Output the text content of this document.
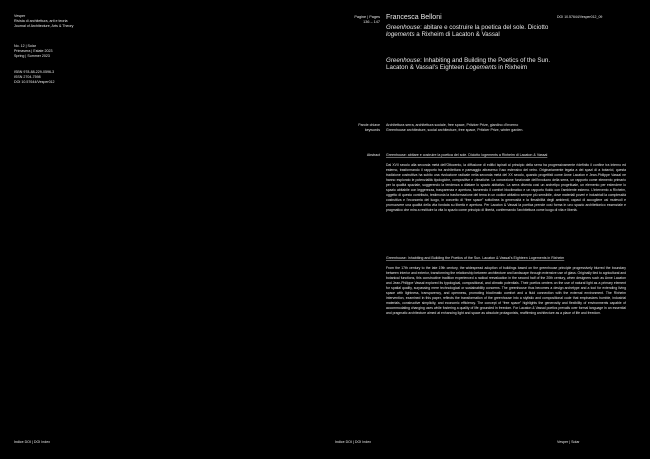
Vesper
Rivista di architettura, arti e teoria
Journal of Architecture, Arts & Theory
No. 12 | Solar
Primavera | Estate 2023
Spring | Summer 2023
ISBN 978-88-229-0596-3
ISSN 2704-7598
DOI 10.57644/Vesper012
Indice DOI | DOI Index
Pagine | Pages
136 – 147
Francesca Belloni	DOI 10.57644/Vesper012_09
Greenhouse: abitare e costruire la poetica del sole. Diciotto logements a Rixheim di Lacaton & Vassal
Greenhouse: Inhabiting and Building the Poetics of the Sun. Lacaton & Vassal’s Eighteen Logements in Rixheim
Parole chiave
keywords
Architettura serra, architettura sociale, free space, Pritzker Prize, giardino d’inverno
Greenhouse architecture, social architecture, free space, Pritzker Prize, winter garden.
Abstract Greenhouse: abitare e costruire la poetica del sole. Diciotto logements a Rixheim di Lacaton & Vassal
Dal XVII secolo alla seconda metà dell’Ottocento, la diffusione di edifici ispirati al principio della serra ha progressivamente ridefinito il confine tra interno ed esterno, trasformando il rapporto tra architettura e paesaggio attraverso l’uso estensivo del vetro. Originariamente legata a dei spazi di a botanici, questa tradizione costruttiva ha subito una rivoluzione radicale nella seconda metà del XX secolo, quando progettisti come Anne Lacaton e Jean-Philippe Vassal ne hanno esplorato le potenzialità tipologiche, compositive e climatiche. La concezione funzionale dell’involucro della serra, un rapporto come elemento primario per la qualità spaziale, suggerendo la tendenza a dilatare lo spazio abitativo. La serra diventa così un archetipo progettuale, un elemento per estendere lo spazio abitabile con leggerezza, trasparenza e apertura, favorendo il comfort bioclimatico e un rapporto fluido con l’ambiente esterno. L’intervento a Rixheim, oggetto di questo contributo, testimonia la trasformazione del tema in un codice abitativo sempre più sensibile, dove materiali poveri e industriali la complessità costruttiva e l’economia del luogo, in concetto di “free space” sottolinea la generosità e la flessibilità degli ambienti, capaci di accogliere usi mutevoli e promuovere una qualità della vita fondata su libertà e apertura. Per Lacaton & Vassal la poetica prende così forma in uno spazio architettonico essenziale e pragmatico che mira a restituire la vita lo spazio come principio di libertà, confermando l’architettura come luogo di vita e libertà.
Greenhouse: Inhabiting and Building the Poetics of the Sun. Lacaton & Vassal’s Eighteen Logements in Rixheim
From the 17th century to the late 19th century, the widespread adoption of buildings based on the greenhouse principle progressively blurred the boundary between interior and exterior, transforming the relationship between architecture and landscape through extensive use of glass. Originally tied to agricultural and botanical functions, this constructive tradition experienced a radical reevaluation in the second half of the 20th century, when designers such as Anne Lacaton and Jean-Philippe Vassal explored its typological, compositional, and climatic potentials. Their poetics centers on the use of natural light as a primary element for spatial quality, surpassing mere technological or sustainability concerns. The greenhouse thus becomes a design archetype and a tool for extending living space with lightness, transparency, and openness, promoting bioclimatic comfort and a fluid connection with the external environment. The Rixheim intervention, examined in this paper, reflects the transformation of the greenhouse into a stylistic and compositional code that emphasizes humble, industrial materials, constructive simplicity, and economic efficiency. The concept of “free space” highlights the generosity and flexibility of environments capable of accommodating changing uses while fostering a quality of life grounded in freedom. For Lacaton & Vassal poetics prevails over formal language in an essential and pragmatic architecture aimed at enhancing light and space as absolute protagonists, reaffirming architecture as a place of life and freedom.
Indice DOI | DOI Index	Vesper | Solar
